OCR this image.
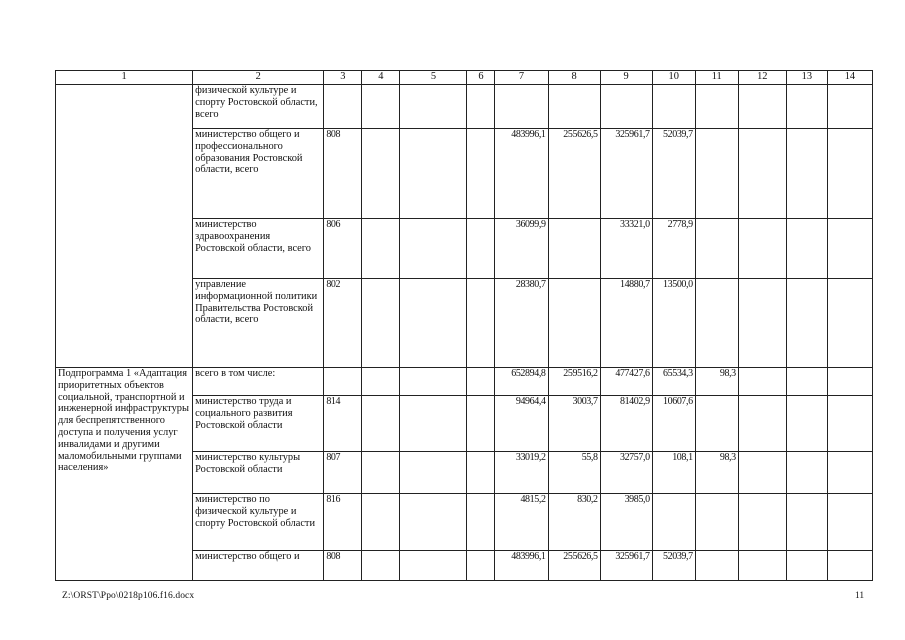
1	2	3	4	5	6	7	8	9	10	11	12	13	14
	физической культуре и спорту Ростовской области, всего												
	министерство общего и профессионального образования Ростовской области, всего	808				483996,1	255626,5	325961,7	52039,7				
	министерство здравоохранения Ростовской области, всего	806				36099,9		33321,0	2778,9				
	управление информационной политики Правительства Ростовской области, всего	802				28380,7		14880,7	13500,0				
Подпрограмма 1 «Адаптация приоритетных объектов социальной, транспортной и инженерной инфраструктуры для беспрепятственного доступа и получения услуг инвалидами и другими маломобильными группами населения»	всего в том числе:					652894,8	259516,2	477427,6	65534,3	98,3			
	министерство труда и социального развития Ростовской области	814				94964,4	3003,7	81402,9	10607,6				
	министерство культуры Ростовской области	807				33019,2	55,8	32757,0	108,1	98,3			
	министерство по физической культуре и спорту Ростовской области	816				4815,2	830,2	3985,0					
	министерство общего и	808				483996,1	255626,5	325961,7	52039,7				
Z:\ORST\Ppo\0218p106.f16.docx	11
